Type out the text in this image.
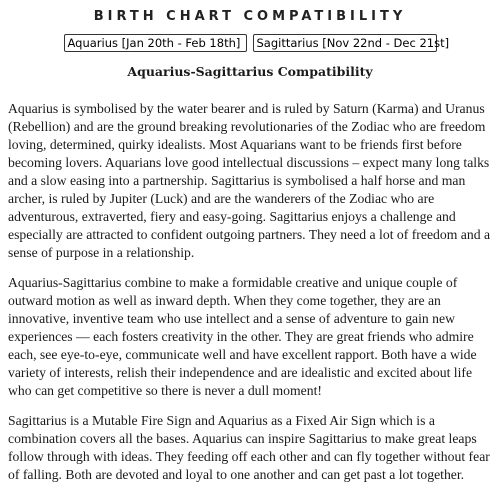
BIRTH CHART COMPATIBILITY
Aquarius [Jan 20th - Feb 18th] Sagittarius [Nov 22nd - Dec 21st]
Aquarius-Sagittarius Compatibility

Aquarius is symbolised by the water bearer and is ruled by Saturn (Karma) and Uranus (Rebellion) and are the ground breaking revolutionaries of the Zodiac who are freedom loving, determined, quirky idealists. Most Aquarians want to be friends first before becoming lovers. Aquarians love good intellectual discussions – expect many long talks and a slow easing into a partnership. Sagittarius is symbolised a half horse and man archer, is ruled by Jupiter (Luck) and are the wanderers of the Zodiac who are adventurous, extraverted, fiery and easy-going. Sagittarius enjoys a challenge and especially are attracted to confident outgoing partners. They need a lot of freedom and a sense of purpose in a relationship.

Aquarius-Sagittarius combine to make a formidable creative and unique couple of outward motion as well as inward depth. When they come together, they are an innovative, inventive team who use intellect and a sense of adventure to gain new experiences — each fosters creativity in the other. They are great friends who admire each, see eye-to-eye, communicate well and have excellent rapport. Both have a wide variety of interests, relish their independence and are idealistic and excited about life who can get competitive so there is never a dull moment!

Sagittarius is a Mutable Fire Sign and Aquarius as a Fixed Air Sign which is a combination covers all the bases. Aquarius can inspire Sagittarius to make great leaps follow through with ideas. They feeding off each other and can fly together without fear of falling. Both are devoted and loyal to one another and can get past a lot together.
